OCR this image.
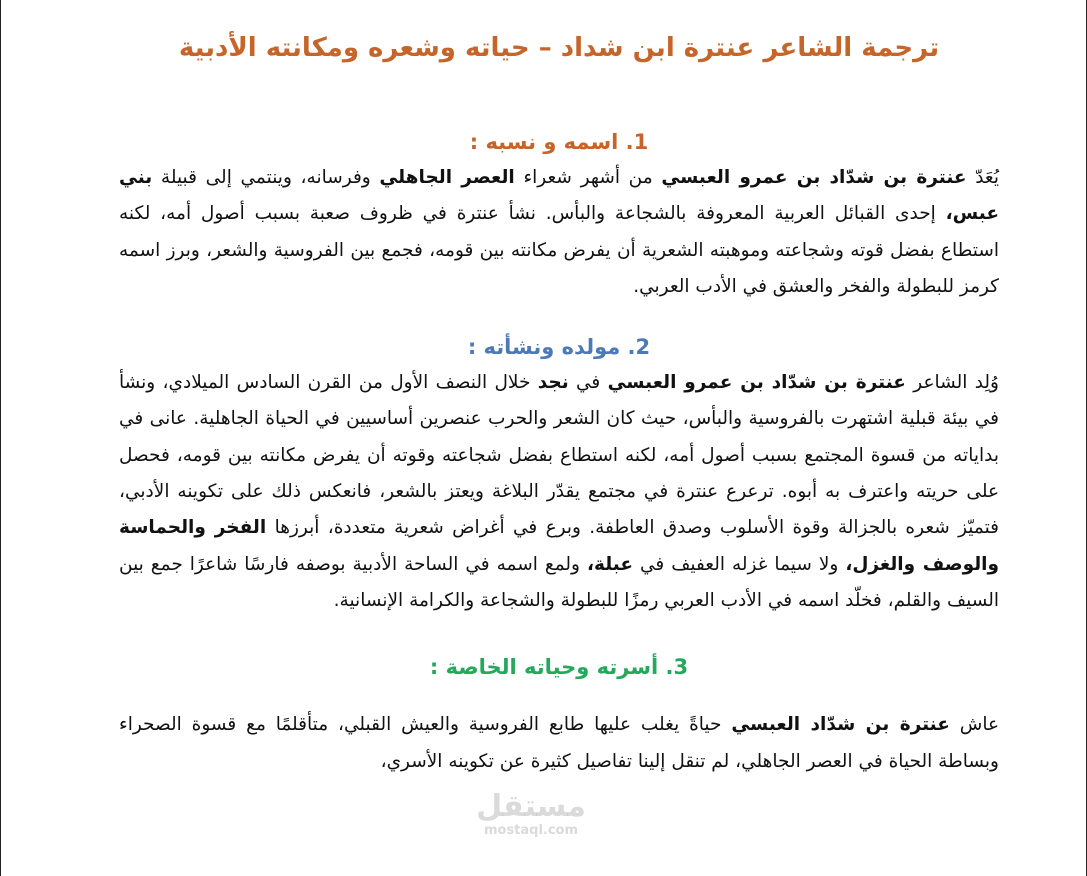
ترجمة الشاعر عنترة ابن شداد – حياته وشعره ومكانته الأدبية
1. اسمه و نسبه :

يُعَدّ عنترة بن شدّاد بن عمرو العبسي من أشهر شعراء العصر الجاهلي وفرسانه، وينتمي إلى قبيلة بني عبس، إحدى القبائل العربية المعروفة بالشجاعة والبأس. نشأ عنترة في ظروف صعبة بسبب أصول أمه، لكنه استطاع بفضل قوته وشجاعته وموهبته الشعرية أن يفرض مكانته بين قومه، فجمع بين الفروسية والشعر، وبرز اسمه كرمز للبطولة والفخر والعشق في الأدب العربي.

2. مولده ونشأته :

وُلِد الشاعر عنترة بن شدّاد بن عمرو العبسي في نجد خلال النصف الأول من القرن السادس الميلادي، ونشأ في بيئة قبلية اشتهرت بالفروسية والبأس، حيث كان الشعر والحرب عنصرين أساسيين في الحياة الجاهلية. عانى في بداياته من قسوة المجتمع بسبب أصول أمه، لكنه استطاع بفضل شجاعته وقوته أن يفرض مكانته بين قومه، فحصل على حريته واعترف به أبوه. ترعرع عنترة في مجتمع يقدّر البلاغة ويعتز بالشعر، فانعكس ذلك على تكوينه الأدبي، فتميّز شعره بالجزالة وقوة الأسلوب وصدق العاطفة. وبرع في أغراض شعرية متعددة، أبرزها الفخر والحماسة والوصف والغزل، ولا سيما غزله العفيف في عبلة، ولمع اسمه في الساحة الأدبية بوصفه فارسًا شاعرًا جمع بين السيف والقلم، فخلّد اسمه في الأدب العربي رمزًا للبطولة والشجاعة والكرامة الإنسانية.

3. أسرته وحياته الخاصة :

عاش عنترة بن شدّاد العبسي حياةً يغلب عليها طابع الفروسية والعيش القبلي، متأقلمًا مع قسوة الصحراء وبساطة الحياة في العصر الجاهلي، لم تنقل إلينا تفاصيل كثيرة عن تكوينه الأسري،

مستقل
mostaql.com
